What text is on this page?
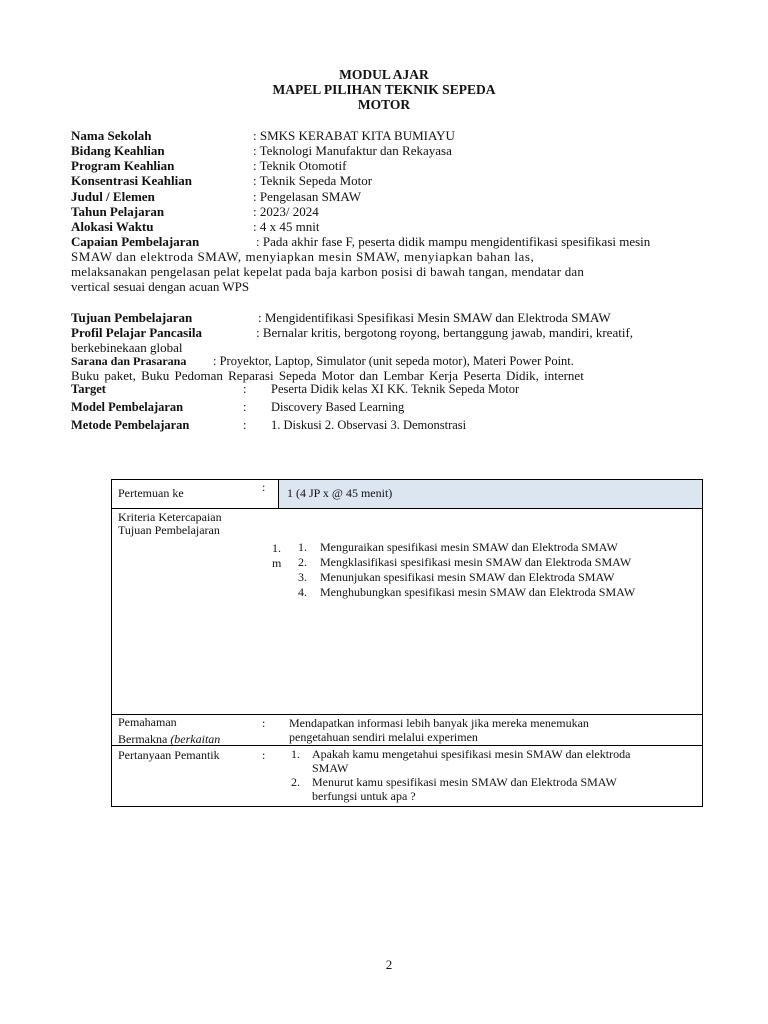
MODUL AJAR
MAPEL PILIHAN TEKNIK SEPEDA
MOTOR
Nama Sekolah	: SMKS KERABAT KITA BUMIAYU
Bidang Keahlian	: Teknologi Manufaktur dan Rekayasa
Program Keahlian	: Teknik Otomotif
Konsentrasi Keahlian	: Teknik Sepeda Motor
Judul / Elemen	: Pengelasan SMAW
Tahun Pelajaran	: 2023/ 2024
Alokasi Waktu	: 4 x 45 mnit
Capaian Pembelajaran	: Pada akhir fase F, peserta didik mampu mengidentifikasi spesifikasi mesin
SMAW dan elektroda SMAW, menyiapkan mesin SMAW, menyiapkan bahan las,
melaksanakan pengelasan pelat kepelat pada baja karbon posisi di bawah tangan, mendatar dan
vertical sesuai dengan acuan WPS
Tujuan Pembelajaran	: Mengidentifikasi Spesifikasi Mesin SMAW dan Elektroda SMAW
Profil Pelajar Pancasila	: Bernalar kritis, bergotong royong, bertanggung jawab, mandiri, kreatif,
berkebinekaan global
Sarana dan Prasarana : Proyektor, Laptop, Simulator (unit sepeda motor), Materi Power Point.
Buku paket, Buku Pedoman Reparasi Sepeda Motor dan Lembar Kerja Peserta Didik, internet
Target	: Peserta Didik kelas XI KK. Teknik Sepeda Motor
Model Pembelajaran	: Discovery Based Learning
Metode Pembelajaran	: 1. Diskusi 2. Observasi 3. Demonstrasi
Pertemuan ke	: 1 (4 JP x @ 45 menit)
Kriteria Ketercapaian
Tujuan Pembelajaran
1.
m
1. Menguraikan spesifikasi mesin SMAW dan Elektroda SMAW
2. Mengklasifikasi spesifikasi mesin SMAW dan Elektroda SMAW
3. Menunjukan spesifikasi mesin SMAW dan Elektroda SMAW
4. Menghubungkan spesifikasi mesin SMAW dan Elektroda SMAW
Pemahaman
Bermakna (berkaitan
: Mendapatkan informasi lebih banyak jika mereka menemukan
pengetahuan sendiri melalui experimen
Pertanyaan Pemantik	: 1. Apakah kamu mengetahui spesifikasi mesin SMAW dan elektroda
SMAW
2. Menurut kamu spesifikasi mesin SMAW dan Elektroda SMAW
berfungsi untuk apa ?
2
